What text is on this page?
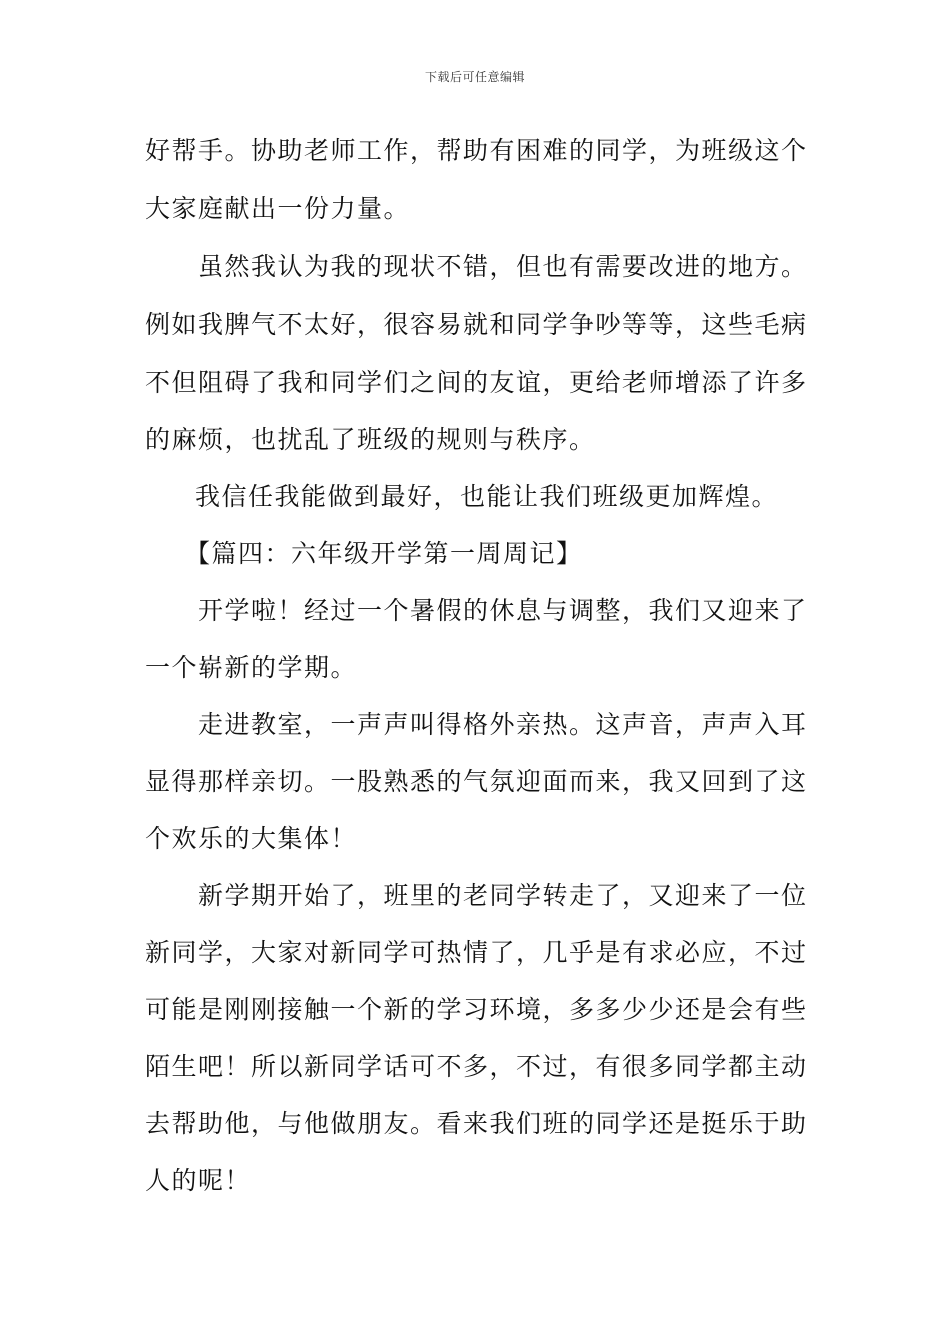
下载后可任意编辑
好帮手。协助老师工作，帮助有困难的同学，为班级这个
大家庭献出一份力量。
虽然我认为我的现状不错，但也有需要改进的地方。
例如我脾气不太好，很容易就和同学争吵等等，这些毛病
不但阻碍了我和同学们之间的友谊，更给老师增添了许多
的麻烦，也扰乱了班级的规则与秩序。
我信任我能做到最好，也能让我们班级更加辉煌。
【篇四：六年级开学第一周周记】
开学啦！经过一个暑假的休息与调整，我们又迎来了
一个崭新的学期。
走进教室，一声声叫得格外亲热。这声音，声声入耳
显得那样亲切。一股熟悉的气氛迎面而来，我又回到了这
个欢乐的大集体！
新学期开始了，班里的老同学转走了，又迎来了一位
新同学，大家对新同学可热情了，几乎是有求必应，不过
可能是刚刚接触一个新的学习环境，多多少少还是会有些
陌生吧！所以新同学话可不多，不过，有很多同学都主动
去帮助他，与他做朋友。看来我们班的同学还是挺乐于助
人的呢！
